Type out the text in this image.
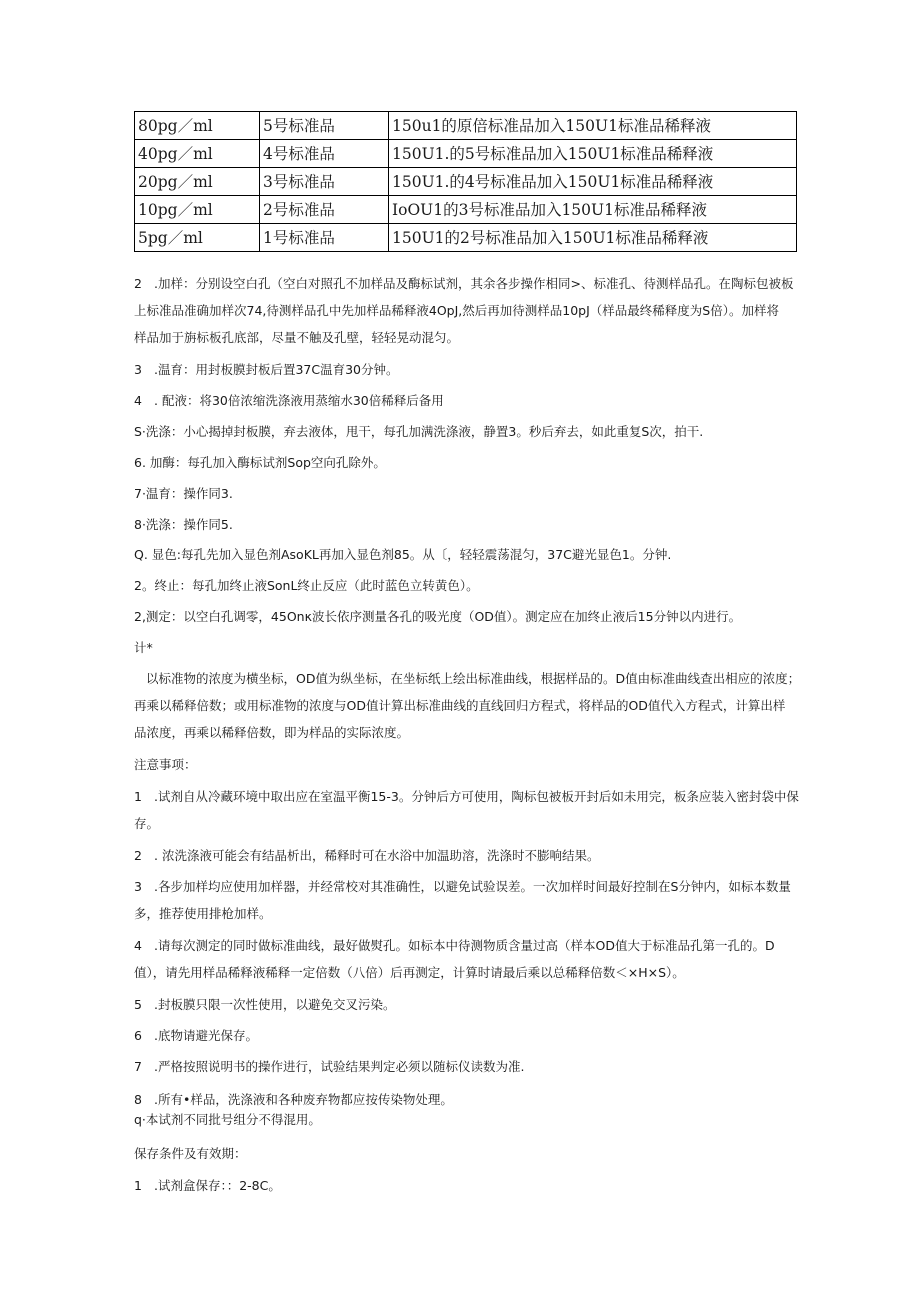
80pg／ml	5号标准品	150u1的原倍标准品加入150U1标准品稀释液
40pg／ml	4号标准品	150U1.的5号标准品加入150U1标准品稀释液
20pg／ml	3号标准品	150U1.的4号标准品加入150U1标准品稀释液
10pg／ml	2号标准品	IoOU1的3号标准品加入150U1标准品稀释液
5pg／ml	1号标准品	150U1的2号标准品加入150U1标准品稀释液
2 .加样：分别设空白孔（空白对照孔不加样品及酶标试剂，其余各步操作相同>、标准孔、待测样品孔。在陶标包被板
上标准品准确加样次74,待测样品孔中先加样品稀释液4OpJ,然后再加待测样品10pJ（样品最终稀释度为S倍）。加样将
样品加于旃标板孔底部，尽量不触及孔壁，轻轻晃动混匀。
3 .温育：用封板膜封板后置37C温育30分钟。
4 . 配液：将30倍浓缩洗涤液用蒸缩水30倍稀释后备用
S·洗涤：小心揭掉封板膜，弃去液体，甩干，每孔加满洗涤液，静置3。秒后弃去，如此重复S次，拍干.
6. 加酶：每孔加入酶标试剂Sop空向孔除外。
7·温育：操作同3.
8·洗涤：操作同5.
Q. 显色:每孔先加入显色剂AsoKL再加入显色剂85。从〔，轻轻震荡混匀，37C避光显色1。分钟.
2。终止：每孔加终止液SonL终止反应（此时蓝色立转黄色）。
2,测定：以空白孔调零，45Onκ波长依序测量各孔的吸光度（OD值）。测定应在加终止液后15分钟以内进行。
计*
以标准物的浓度为横坐标，OD值为纵坐标，在坐标纸上绘出标准曲线，根据样品的。D值由标准曲线查出相应的浓度；
再乘以稀释倍数；或用标准物的浓度与OD值计算出标准曲线的直线回归方程式，将样品的OD值代入方程式，计算出样
品浓度，再乘以稀释倍数，即为样品的实际浓度。
注意事项：
1 .试剂自从冷藏环境中取出应在室温平衡15-3。分钟后方可使用，陶标包被板开封后如未用完，板条应装入密封袋中保
存。
2 . 浓洗涤液可能会有结晶析出，稀释时可在水浴中加温助溶，洗涤时不膨响结果。
3 .各步加样均应使用加样器，并经常校对其准确性，以避免试验误差。一次加样时间最好控制在S分钟内，如标本数量
多，推荐使用排枪加样。
4 .请每次测定的同时做标准曲线，最好做熨孔。如标本中待测物质含量过高（样本OD值大于标准品孔第一孔的。D
值），请先用样品稀释液稀释一定倍数（八倍）后再测定，计算时请最后乘以总稀释倍数＜×H×S）。
5 .封板膜只限一次性使用，以避免交叉污染。
6 .底物请避光保存。
7 .严格按照说明书的操作进行，试验结果判定必须以随标仪读数为准.
8 .所有•样品，洗涤液和各种废弃物都应按传染物处理。
q·本试剂不同批号组分不得混用。
保存条件及有效期：
1 .试剂盒保存：：2-8C。
